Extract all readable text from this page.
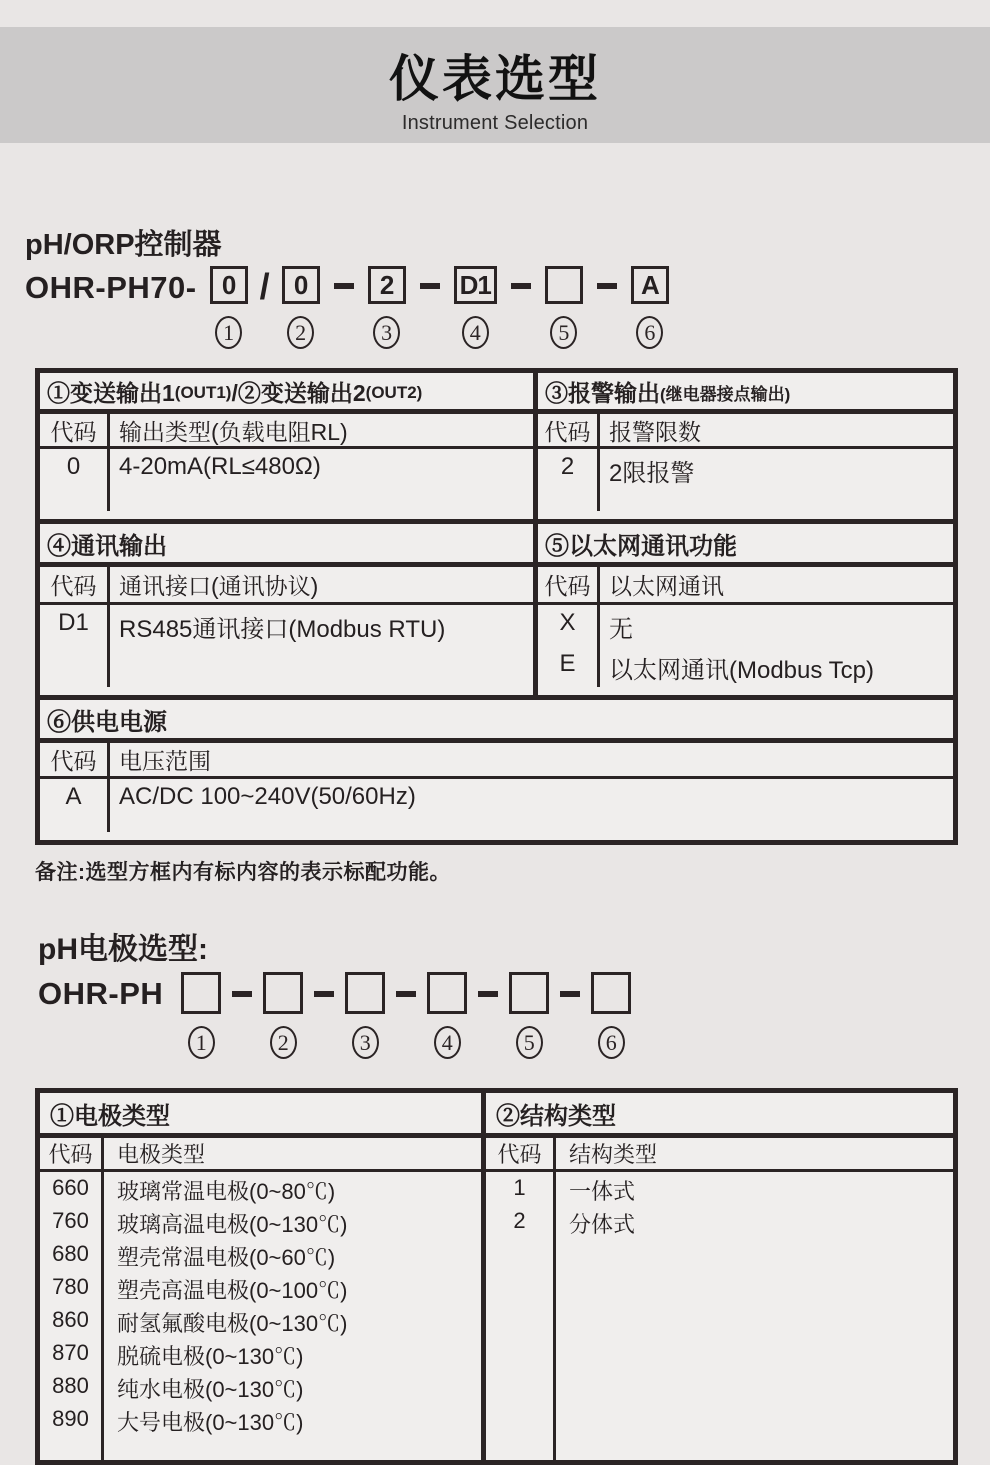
仪表选型
Instrument Selection
pH/ORP控制器
OHR-PH70- 0
1
/ 0
2
2
3
D1
4	5
A
6
①变送输出1 (OUT1) /②变送输出2 (OUT2)
代码 输出类型(负载电阻RL)
0	4-20mA(RL≤480Ω)
③报警输出 (继电器接点输出)
代码 报警限数
2	2限报警
④通讯输出
代码 通讯接口(通讯协议)
D1	RS485通讯接口(Modbus RTU)
⑤以太网通讯功能
代码 以太网通讯
X	无
E	以太网通讯(Modbus Tcp)
⑥供电电源
代码 电压范围
A	AC/DC 100~240V(50/60Hz)
备注:选型方框内有标内容的表示标配功能。
pH电极选型:
OHR-PH
1	2	3	4	5	6
①电极类型
代码	电极类型
660	玻璃常温电极(0~80℃)
760	玻璃高温电极(0~130℃)
680	塑壳常温电极(0~60℃)
780	塑壳高温电极(0~100℃)
860	耐氢氟酸电极(0~130℃)
870	脱硫电极(0~130℃)
880	纯水电极(0~130℃)
890	大号电极(0~130℃)
②结构类型
代码	结构类型
1	一体式
2	分体式
